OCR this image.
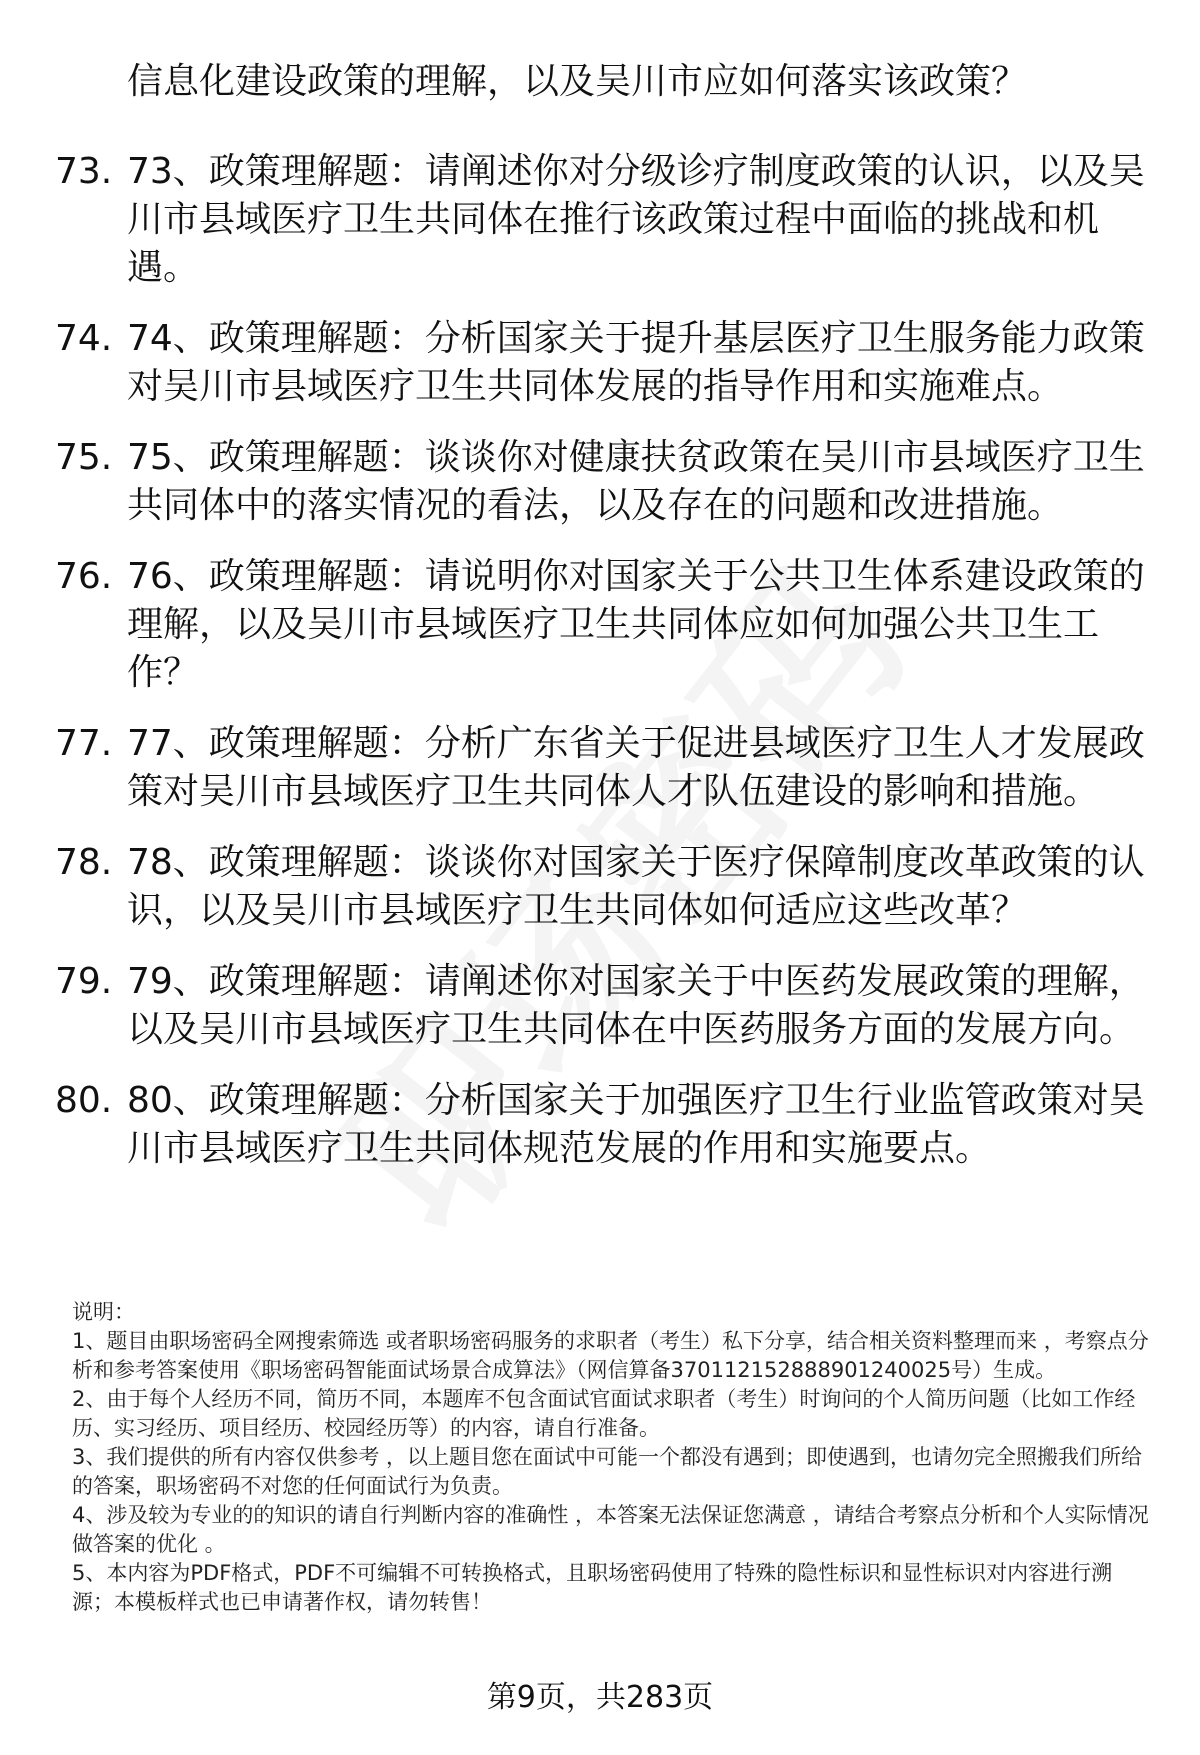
信息化建设政策的理解，以及吴川市应如何落实该政策？
73. 73、政策理解题：请阐述你对分级诊疗制度政策的认识，以及吴川市县域医疗卫生共同体在推行该政策过程中面临的挑战和机遇。
74. 74、政策理解题：分析国家关于提升基层医疗卫生服务能力政策对吴川市县域医疗卫生共同体发展的指导作用和实施难点。
75. 75、政策理解题：谈谈你对健康扶贫政策在吴川市县域医疗卫生共同体中的落实情况的看法，以及存在的问题和改进措施。
76. 76、政策理解题：请说明你对国家关于公共卫生体系建设政策的理解，以及吴川市县域医疗卫生共同体应如何加强公共卫生工作？
77. 77、政策理解题：分析广东省关于促进县域医疗卫生人才发展政策对吴川市县域医疗卫生共同体人才队伍建设的影响和措施。
78. 78、政策理解题：谈谈你对国家关于医疗保障制度改革政策的认识，以及吴川市县域医疗卫生共同体如何适应这些改革？
79. 79、政策理解题：请阐述你对国家关于中医药发展政策的理解，以及吴川市县域医疗卫生共同体在中医药服务方面的发展方向。
80. 80、政策理解题：分析国家关于加强医疗卫生行业监管政策对吴川市县域医疗卫生共同体规范发展的作用和实施要点。
说明：
1、题目由职场密码全网搜索筛选 或者职场密码服务的求职者（考生）私下分享，结合相关资料整理而来 ，考察点分析和参考答案使用《职场密码智能面试场景合成算法》（网信算备370112152888901240025号）生成。
2、由于每个人经历不同，简历不同，本题库不包含面试官面试求职者（考生）时询问的个人简历问题（比如工作经历、实习经历、项目经历、校园经历等）的内容，请自行准备。
3、我们提供的所有内容仅供参考 ，以上题目您在面试中可能一个都没有遇到；即使遇到，也请勿完全照搬我们所给的答案，职场密码不对您的任何面试行为负责。
4、涉及较为专业的的知识的请自行判断内容的准确性 ，本答案无法保证您满意 ，请结合考察点分析和个人实际情况做答案的优化 。
5、本内容为PDF格式，PDF不可编辑不可转换格式，且职场密码使用了特殊的隐性标识和显性标识对内容进行溯源；本模板样式也已申请著作权，请勿转售！
第9页，共283页
